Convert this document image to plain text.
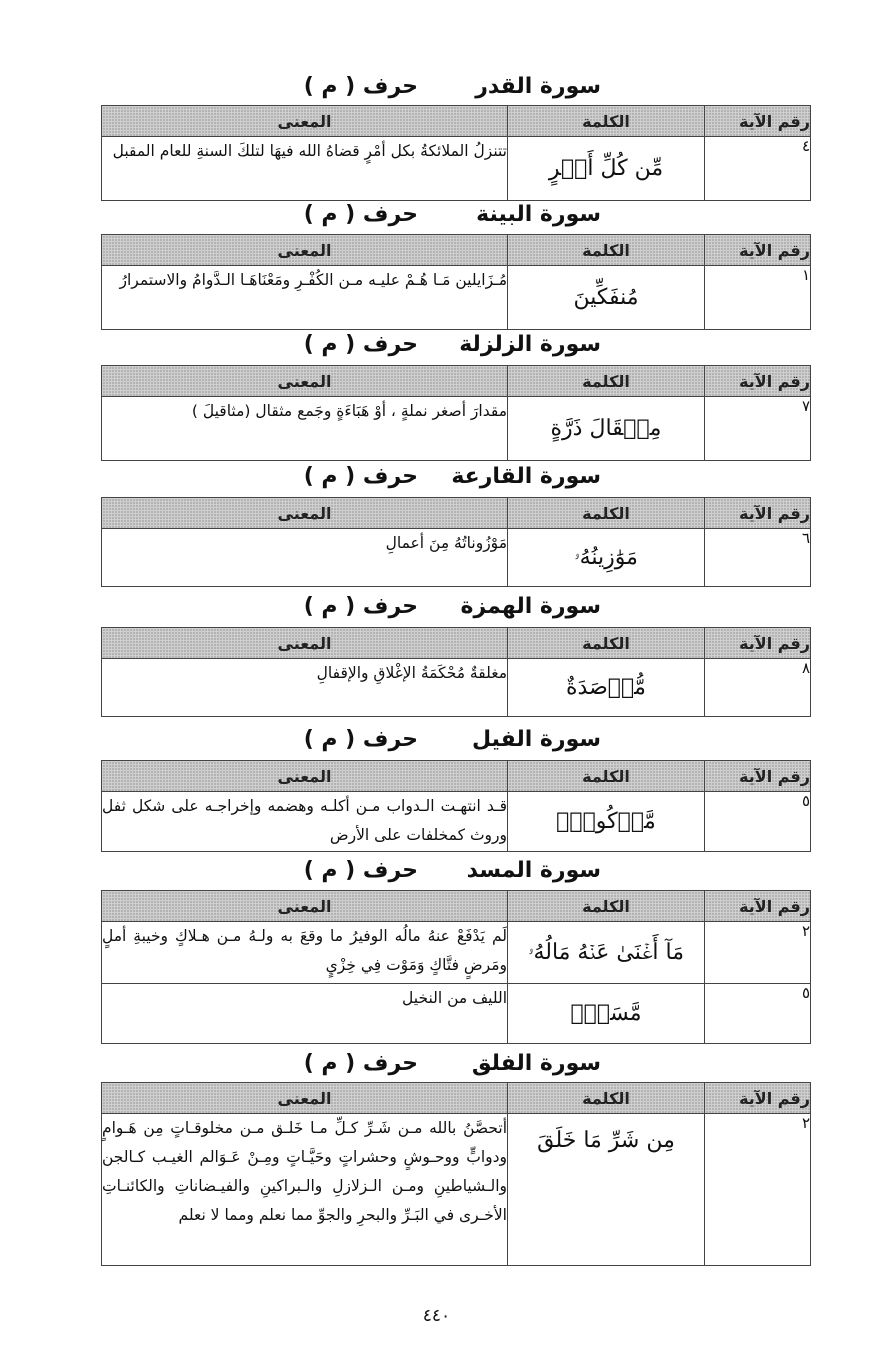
سورة القدر
حرف ( م )
رقم الآية	الكلمة	المعنى
٤	مِّن كُلِّ أَمۡرٍ	تتنزلُ الملائكةُ بكل أمْرٍ قضاهُ الله فيهَا لتلكَ السنةِ للعام المقبل
سورة البينة
حرف ( م )
رقم الآية	الكلمة	المعنى
١	مُنفَكِّينَ	مُـزَايلين مَـا هُـمْ عليـه مـن الكُفْـرِ ومَعْنَاهَـا الـدَّوامُ والاستمرارُ
سورة الزلزلة
حرف ( م )
رقم الآية	الكلمة	المعنى
٧	مِثۡقَالَ ذَرَّةٍ	مقدارَ أصغر نملةٍ ، أوْ هَبَاءَةٍ وجَمع مثقال (مثاقيلَ )
سورة القارعة
حرف ( م )
رقم الآية	الكلمة	المعنى
٦	مَوَٰزِينُهُۥ	مَوْزُوناتُهُ مِنَ أعمالِ
سورة الهمزة
حرف ( م )
رقم الآية	الكلمة	المعنى
٨	مُّؤۡصَدَةٌ	مغلقةٌ مُحْكَمَةُ الإغْلاقِ والإقفالِ
سورة الفيل
حرف ( م )
رقم الآية	الكلمة	المعنى
٥	مَّأۡكُولِۭ	قـد انتهـت الـدواب مـن أكلـه وهضمه وإخراجـه على شكل ثفل وروث كمخلفات على الأرض
سورة المسد
حرف ( م )
رقم الآية	الكلمة	المعنى
٢	مَآ أَغۡنَىٰ عَنۡهُ مَالُهُۥ	لَم يَدْفَعْ عنهُ مالُه الوفيرُ ما وقعَ به ولـهُ مـن هـلاكٍ وخيبةِ أملٍ ومَرضٍ فتَّاكٍ وَمَوْت فِي خِزْيٍ
٥	مَّسَدِۭ	الليف من النخيل
سورة الفلق
حرف ( م )
رقم الآية	الكلمة	المعنى
٢	مِن شَرِّ مَا خَلَقَ	أتحصَّنُ بالله مـن شَـرِّ كـلِّ مـا خَلـق مـن مخلوقـاتٍ مِن هَـوامٍ ودوابٍّ ووحـوشٍ وحشراتٍ وحَيَّـاتٍ ومِـنْ عَـوَالم الغيـب كـالجن والـشياطينِ ومـن الـزلازلِ والـبراكينِ والفيـضاناتِ والكائنـاتِ الأخـرى في البَـرِّ والبحرِ والجوِّ مما نعلم ومما لا نعلم
٤٤٠
